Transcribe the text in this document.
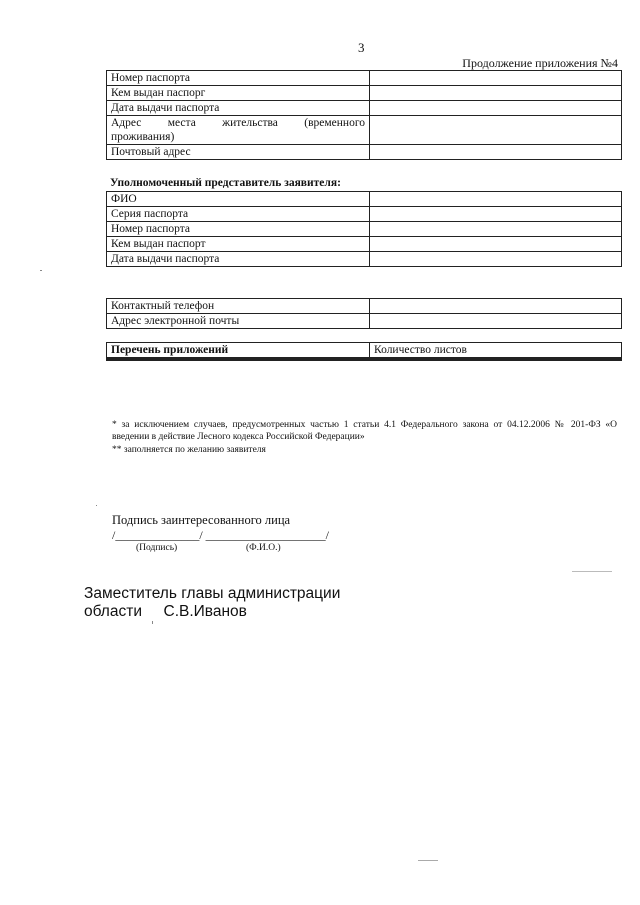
3
Продолжение приложения №4
Номер паспорта	
Кем выдан паспорг	
Дата выдачи паспорта	

Адрес места жительства (временного
проживания)	

Почтовый адрес	
Уполномоченный представитель заявителя:
ФИО	
Серия паспорта	
Номер паспорта	
Кем выдан паспорт	
Дата выдачи паспорта	
Контактный телефон	
Адрес электронной почты	
Перечень приложений	Количество листов

* за исключением случаев, предусмотренных частью 1 статьи 4.1 Федерального закона от 04.12.2006 № 201-ФЗ «О введении в действие Лесного кодекса Российской Федерации»
** заполняется по желанию заявителя
Подпись заинтересованного лица
/______________/ ____________________/
(Подпись)	(Ф.И.О.)
Заместитель главы администрации
области     С.В.Иванов
